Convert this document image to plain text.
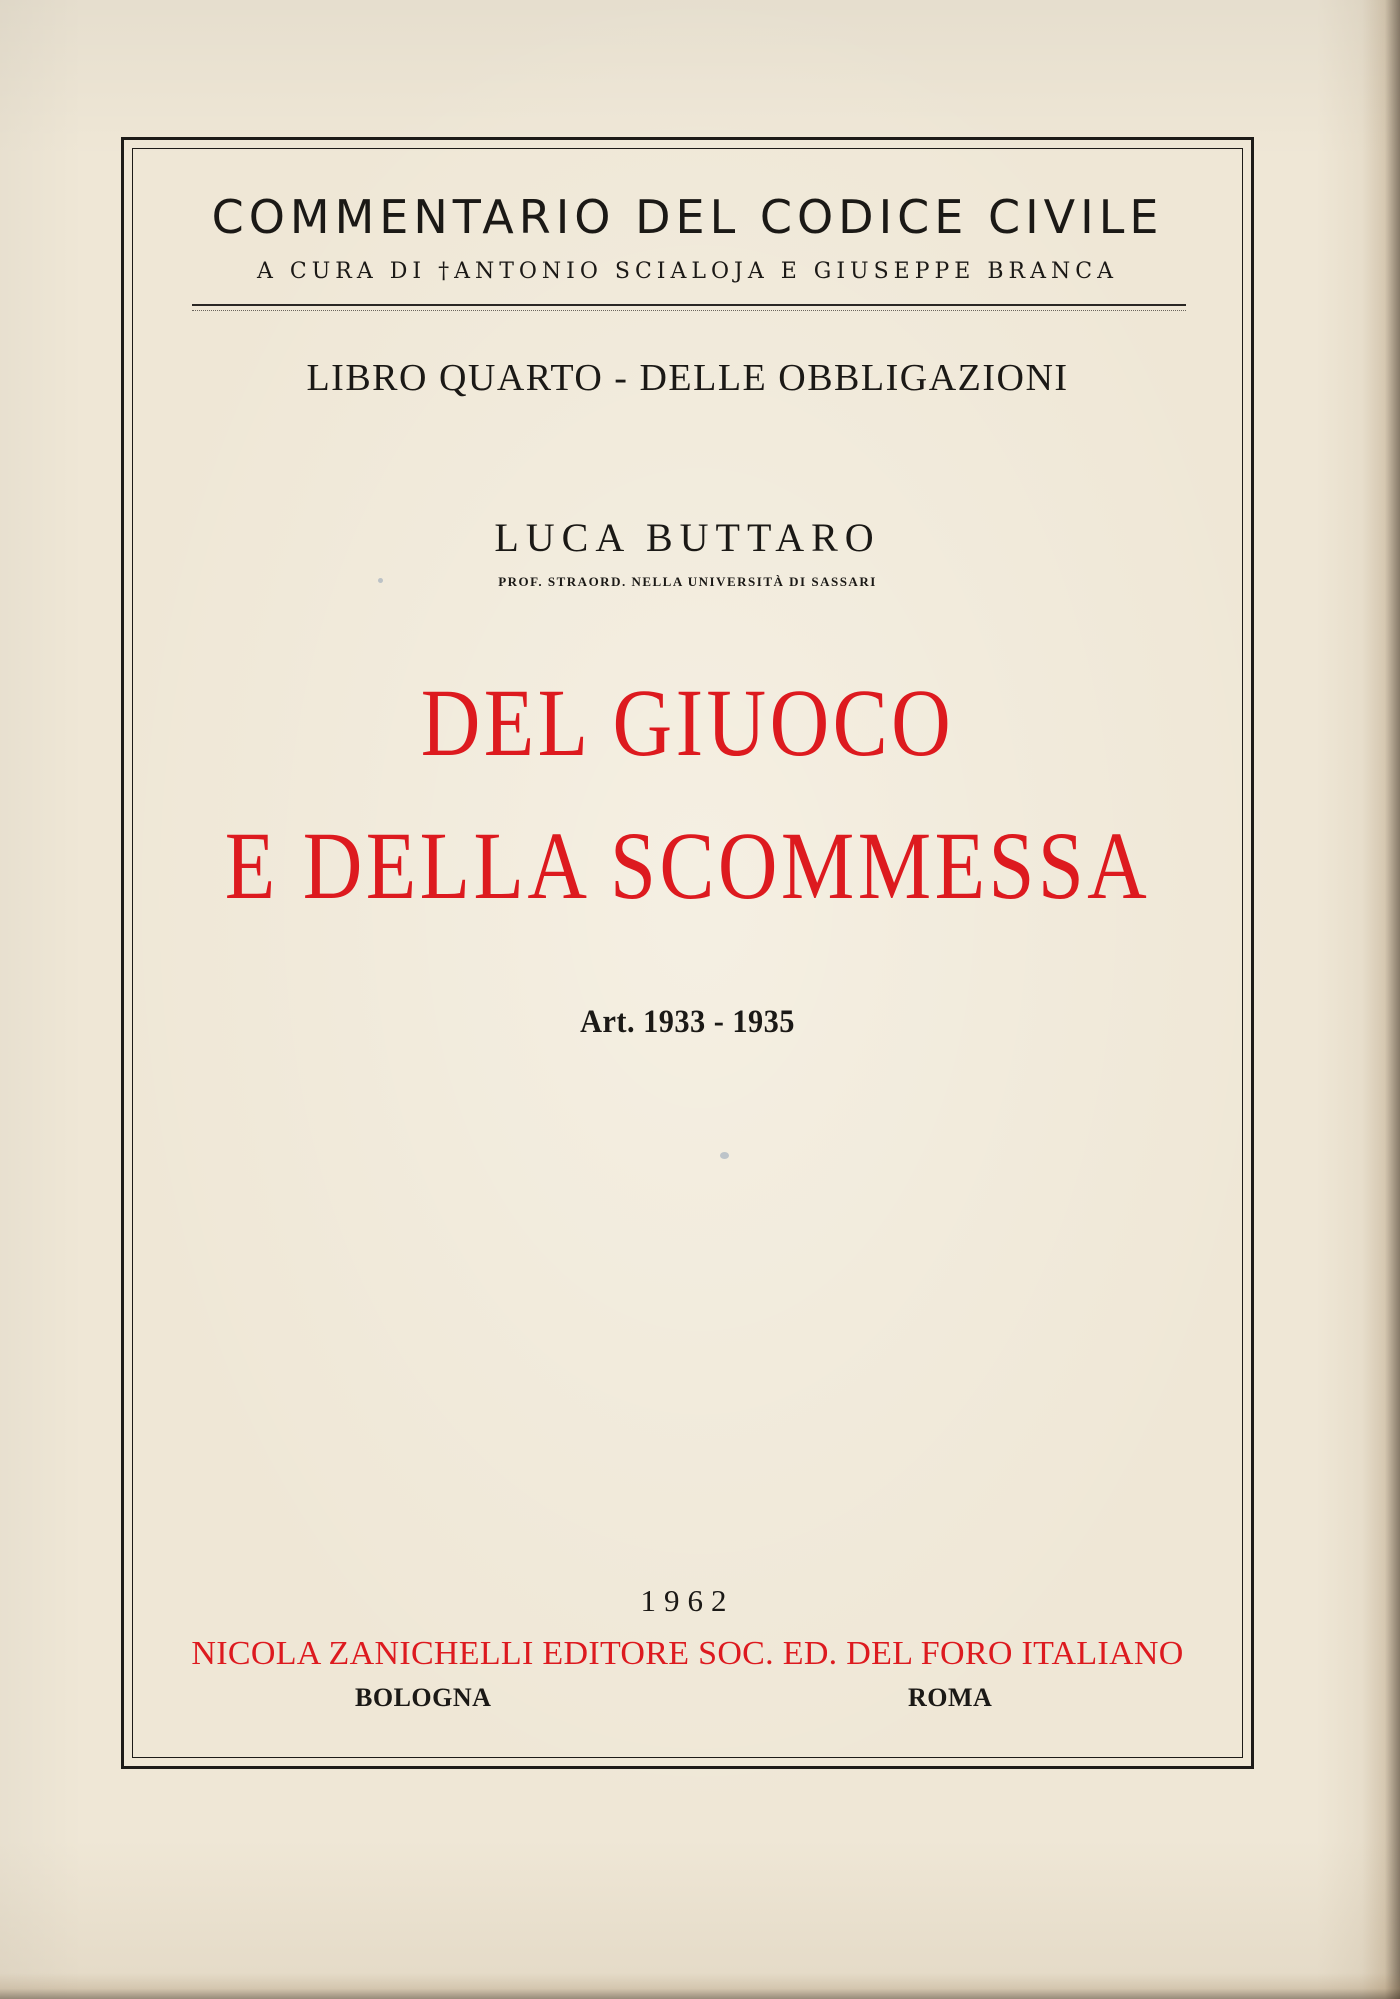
COMMENTARIO DEL CODICE CIVILE
A CURA DI †ANTONIO SCIALOJA E GIUSEPPE BRANCA
LIBRO QUARTO - DELLE OBBLIGAZIONI
LUCA BUTTARO
PROF. STRAORD. NELLA UNIVERSITÀ DI SASSARI
DEL GIUOCO
E DELLA SCOMMESSA
Art. 1933 - 1935
1962
NICOLA ZANICHELLI EDITORE SOC. ED. DEL FORO ITALIANO
BOLOGNA	ROMA
